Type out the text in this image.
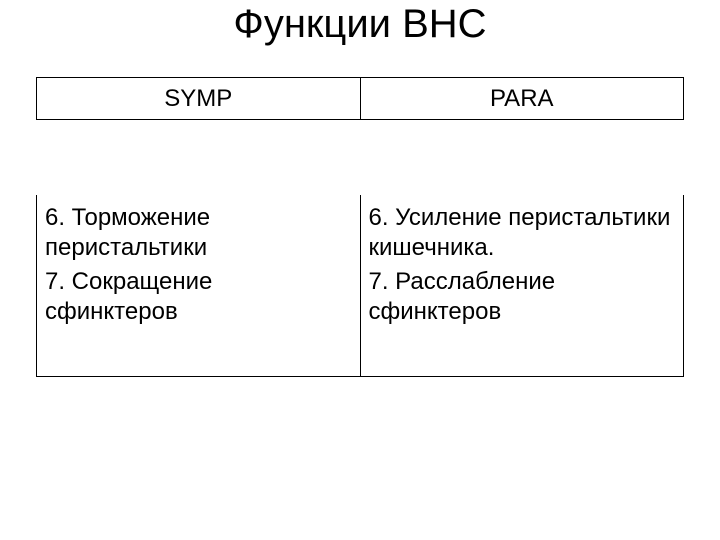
Функции ВНС
SYMP	PARA

6. Торможение перистальтики

7. Сокращение сфинктеров

6. Усиление перистальтики кишечника.

7. Расслабление сфинктеров
